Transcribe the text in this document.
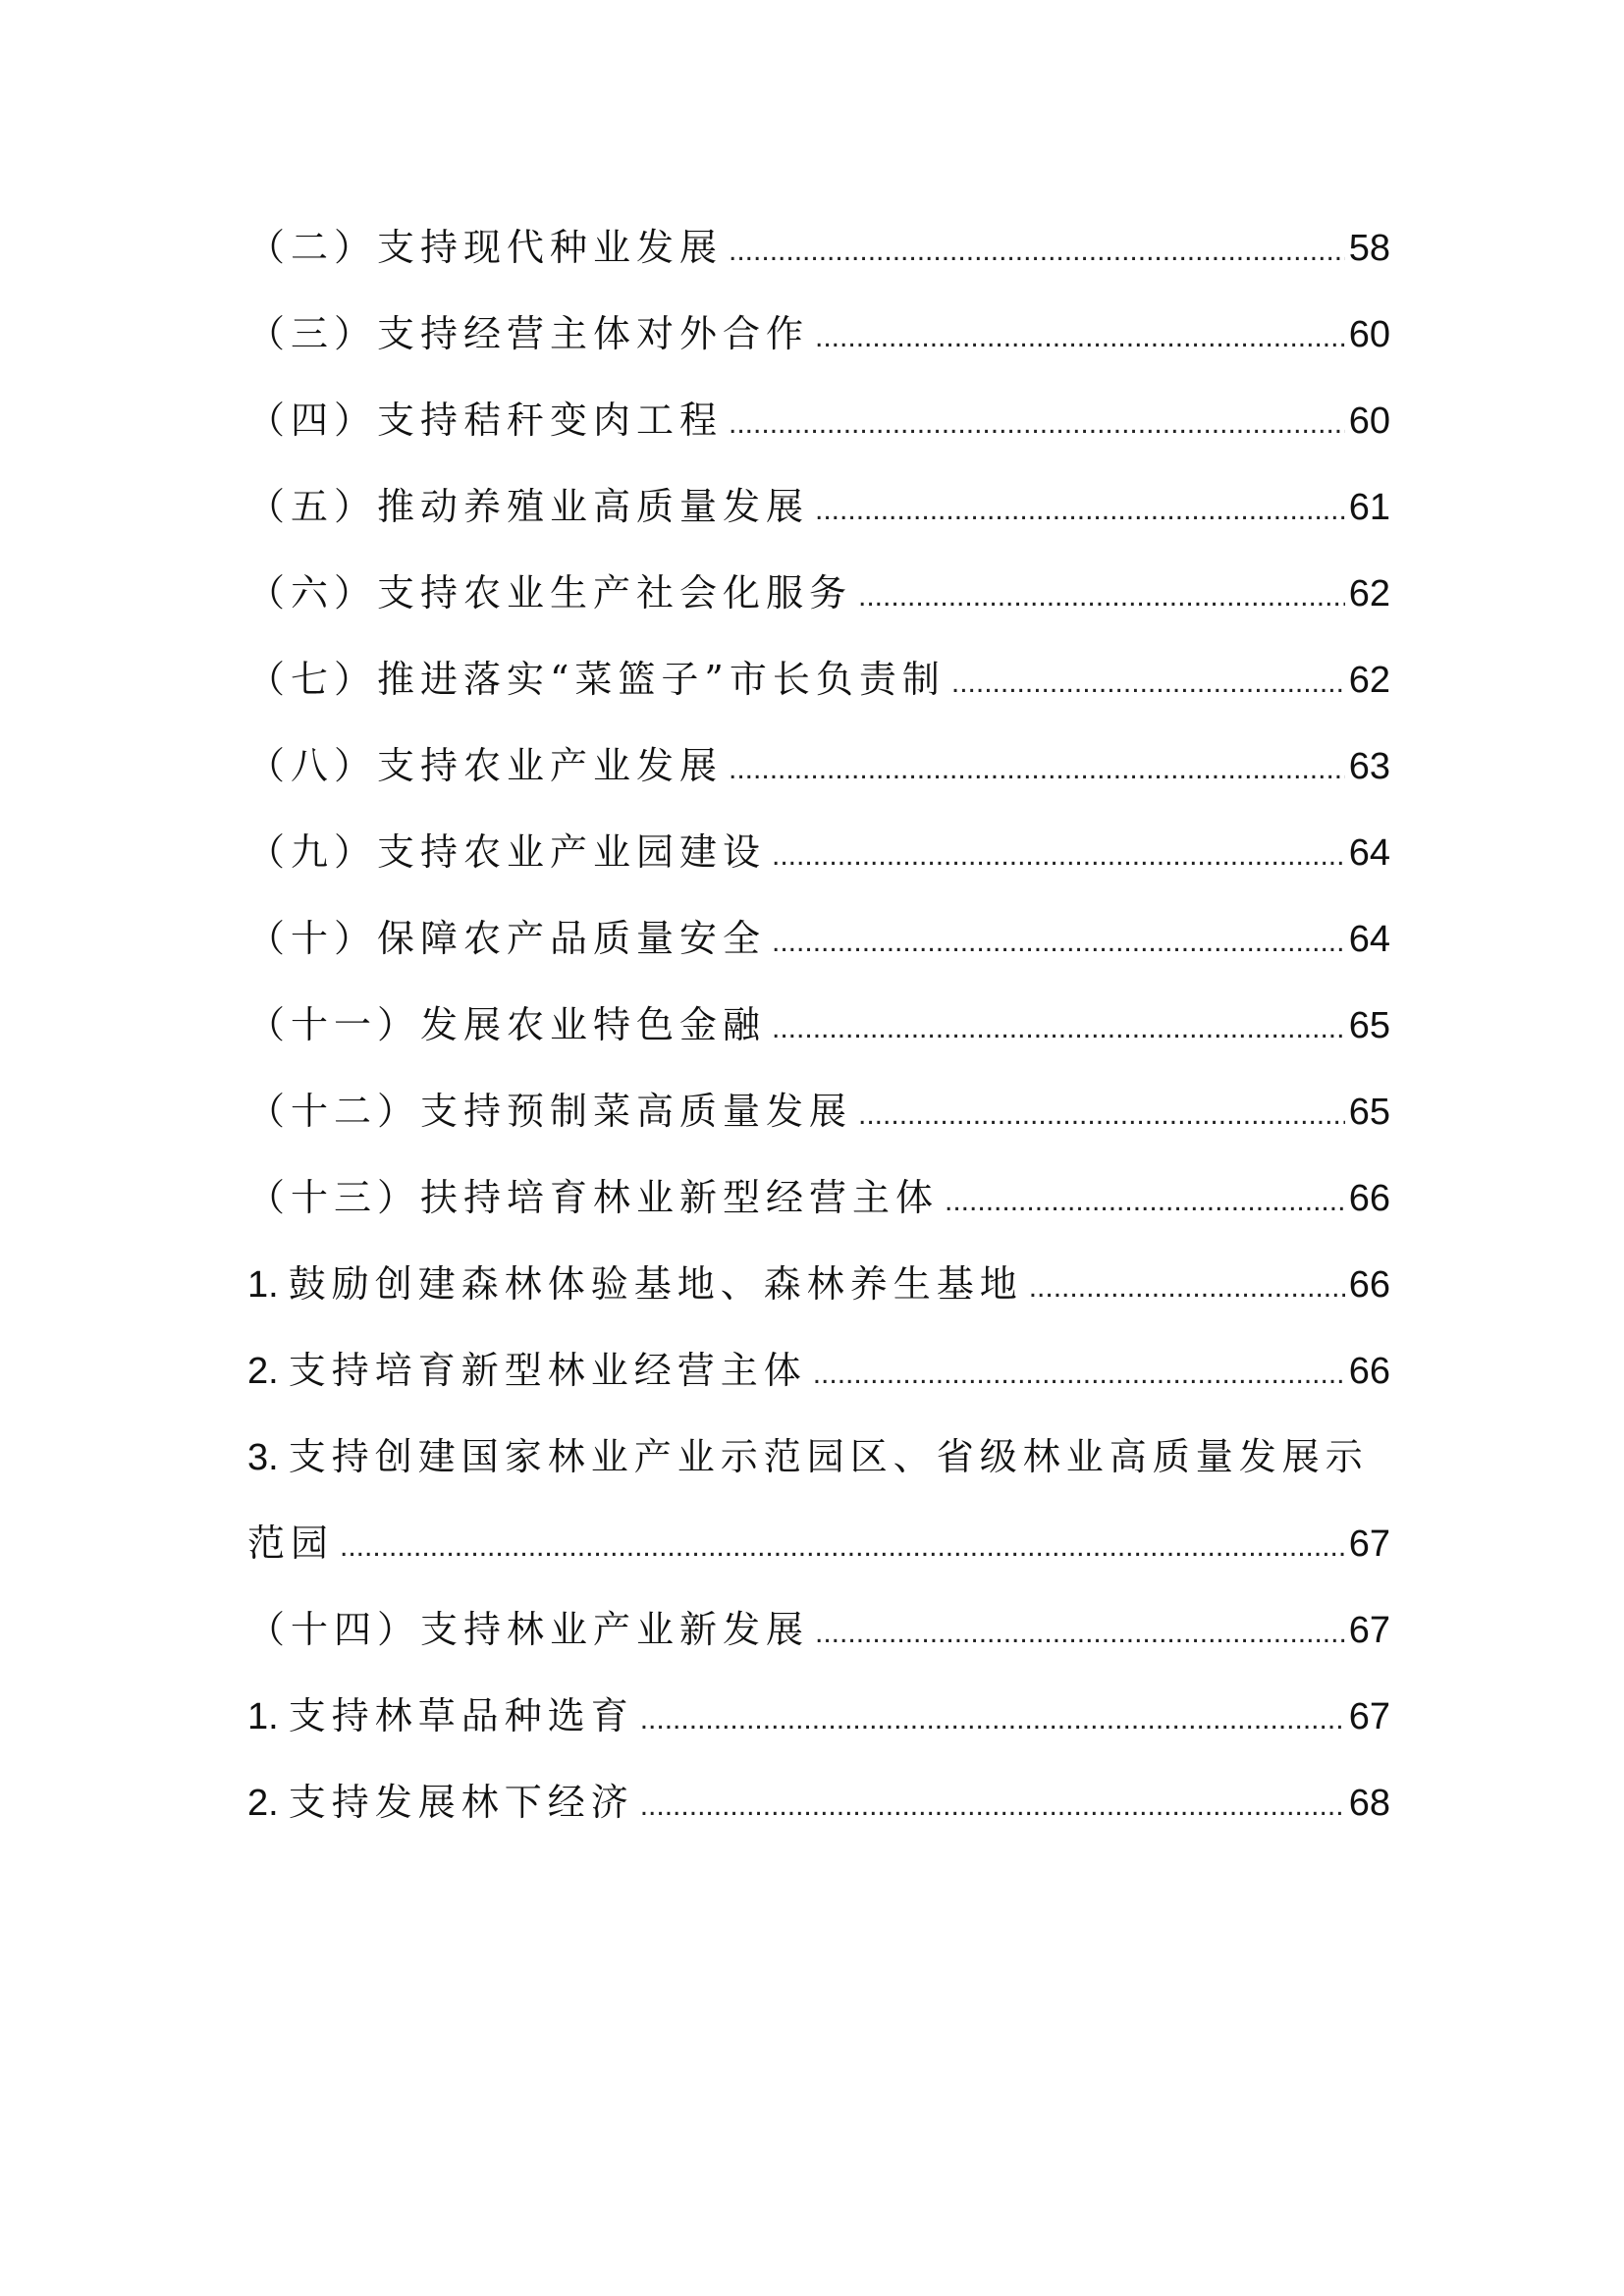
（二）支持现代种业发展 .....	58
（三）支持经营主体对外合作 .....	60
（四）支持秸秆变肉工程 .....	60
（五）推动养殖业高质量发展 .....	61
（六）支持农业生产社会化服务 .....	62
（七）推进落实“菜篮子”市长负责制 .....	62
（八）支持农业产业发展 .....	63
（九）支持农业产业园建设 .....	64
（十）保障农产品质量安全 .....	64
（十一）发展农业特色金融 .....	65
（十二）支持预制菜高质量发展 .....	65
（十三）扶持培育林业新型经营主体 .....	66
1. 鼓励创建森林体验基地、森林养生基地 .....	66
2. 支持培育新型林业经营主体 .....	66
3. 支持创建国家林业产业示范园区、省级林业高质量发展示
范园 .....	67
（十四）支持林业产业新发展 .....	67
1. 支持林草品种选育 .....	67
2. 支持发展林下经济 .....	68
